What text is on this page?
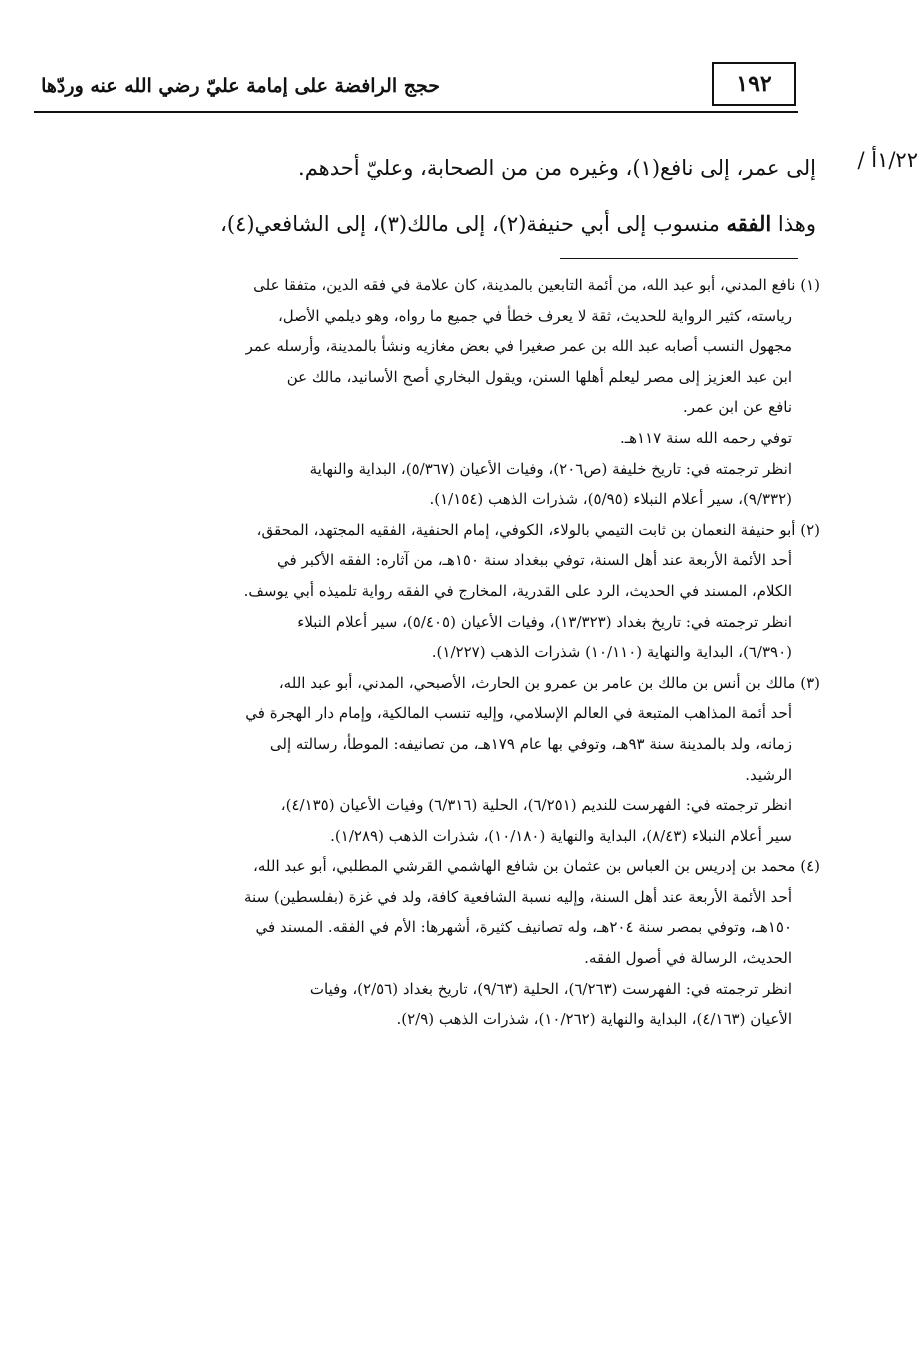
١٩٢
حجج الرافضة على إمامة عليّ رضي الله عنه وردّها
١/٢٢أ /
إلى عمر، إلى نافع(١)، وغيره من من الصحابة، وعليّ أحدهم.
وهذا الفقه منسوب إلى أبي حنيفة(٢)، إلى مالك(٣)، إلى الشافعي(٤)،
(١) نافع المدني، أبو عبد الله، من أئمة التابعين بالمدينة، كان علامة في فقه الدين، متفقا على
رياسته، كثير الرواية للحديث، ثقة لا يعرف خطأ في جميع ما رواه، وهو ديلمي الأصل،
مجهول النسب أصابه عبد الله بن عمر صغيرا في بعض مغازيه ونشأ بالمدينة، وأرسله عمر
ابن عبد العزيز إلى مصر ليعلم أهلها السنن، ويقول البخاري أصح الأسانيد، مالك عن
نافع عن ابن عمر.
توفي رحمه الله سنة ١١٧هـ.
انظر ترجمته في: تاريخ خليفة (ص٢٠٦)، وفيات الأعيان (٥/٣٦٧)، البداية والنهاية
(٩/٣٣٢)، سير أعلام النبلاء (٥/٩٥)، شذرات الذهب (١/١٥٤).
(٢) أبو حنيفة النعمان بن ثابت التيمي بالولاء، الكوفي، إمام الحنفية، الفقيه المجتهد، المحقق،
أحد الأئمة الأربعة عند أهل السنة، توفي ببغداد سنة ١٥٠هـ، من آثاره: الفقه الأكبر في
الكلام، المسند في الحديث، الرد على القدرية، المخارج في الفقه رواية تلميذه أبي يوسف.
انظر ترجمته في: تاريخ بغداد (١٣/٣٢٣)، وفيات الأعيان (٥/٤٠٥)، سير أعلام النبلاء
(٦/٣٩٠)، البداية والنهاية (١٠/١١٠) شذرات الذهب (١/٢٢٧).
(٣) مالك بن أنس بن مالك بن عامر بن عمرو بن الحارث، الأصبحي، المدني، أبو عبد الله،
أحد أئمة المذاهب المتبعة في العالم الإسلامي، وإليه تنسب المالكية، وإمام دار الهجرة في
زمانه، ولد بالمدينة سنة ٩٣هـ، وتوفي بها عام ١٧٩هـ، من تصانيفه: الموطأ، رسالته إلى
الرشيد.
انظر ترجمته في: الفهرست للنديم (٦/٢٥١)، الحلية (٦/٣١٦) وفيات الأعيان (٤/١٣٥)،
سير أعلام النبلاء (٨/٤٣)، البداية والنهاية (١٠/١٨٠)، شذرات الذهب (١/٢٨٩).
(٤) محمد بن إدريس بن العباس بن عثمان بن شافع الهاشمي القرشي المطلبي، أبو عبد الله،
أحد الأئمة الأربعة عند أهل السنة، وإليه نسبة الشافعية كافة، ولد في غزة (بفلسطين) سنة
١٥٠هـ، وتوفي بمصر سنة ٢٠٤هـ، وله تصانيف كثيرة، أشهرها: الأم في الفقه. المسند في
الحديث، الرسالة في أصول الفقه.
انظر ترجمته في: الفهرست (٦/٢٦٣)، الحلية (٩/٦٣)، تاريخ بغداد (٢/٥٦)، وفيات
الأعيان (٤/١٦٣)، البداية والنهاية (١٠/٢٦٢)، شذرات الذهب (٢/٩).
